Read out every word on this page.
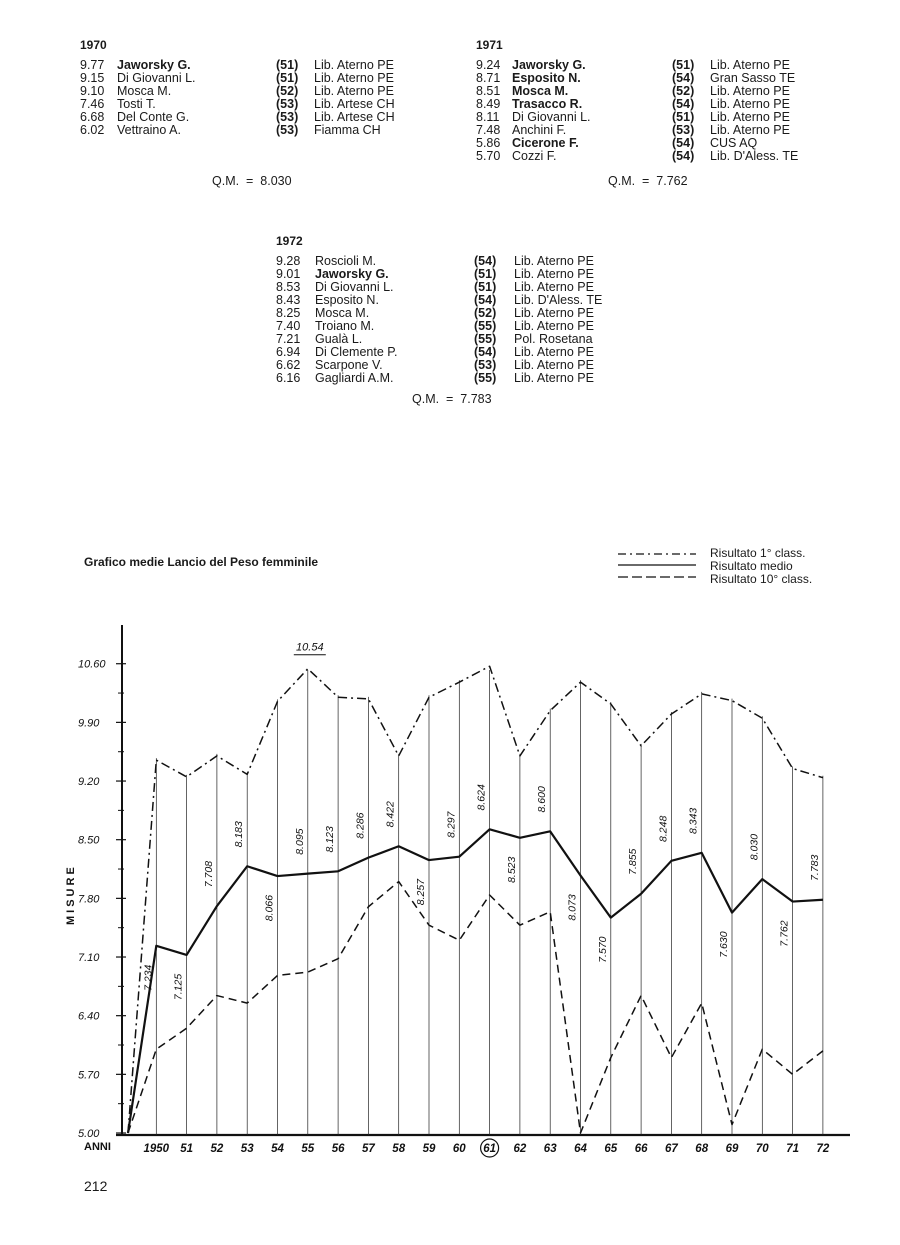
1970
9.77 Jaworsky G.	(51) Lib. Aterno PE
9.15 Di Giovanni L.	(51) Lib. Aterno PE
9.10 Mosca M.	(52) Lib. Aterno PE
7.46 Tosti T.	(53) Lib. Artese CH
6.68 Del Conte G.	(53) Lib. Artese CH
6.02 Vettraino A.	(53) Fiamma CH
Q.M.  =  8.030
1971
9.24 Jaworsky G.	(51) Lib. Aterno PE
8.71 Esposito N.	(54) Gran Sasso TE
8.51 Mosca M.	(52) Lib. Aterno PE
8.49 Trasacco R.	(54) Lib. Aterno PE
8.11 Di Giovanni L.	(51) Lib. Aterno PE
7.48 Anchini F.	(53) Lib. Aterno PE
5.86 Cicerone F.	(54) CUS AQ
5.70 Cozzi F.	(54) Lib. D'Aless. TE
Q.M.  =  7.762
1972
9.28 Roscioli M.	(54) Lib. Aterno PE
9.01 Jaworsky G.	(51) Lib. Aterno PE
8.53 Di Giovanni L.	(51) Lib. Aterno PE
8.43 Esposito N.	(54) Lib. D'Aless. TE
8.25 Mosca M.	(52) Lib. Aterno PE
7.40 Troiano M.	(55) Lib. Aterno PE
7.21 Gualà L.	(55) Pol. Rosetana
6.94 Di Clemente P.	(54) Lib. Aterno PE
6.62 Scarpone V.	(53) Lib. Aterno PE
6.16 Gagliardi A.M.	(55) Lib. Aterno PE
Q.M.  =  7.783
Grafico medie Lancio del Peso femminile
Risultato 1° class.
Risultato medio
Risultato 10° class.
5.00
5.70
6.40
7.10
7.80
8.50
9.20
9.90
10.60
MISURE
ANNI	1950 51 52 53 54 55 56 57 58 59 60 61 62 63 64 65 66 67 68 69 70 71 72
7.234 7.125
7.708
8.183
8.066
8.095 8.123
8.286 8.422
8.257
8.297
8.624
8.523
8.600
8.073
7.570
7.855
8.248 8.343
7.630
8.030
7.762
7.783
10.54
212
